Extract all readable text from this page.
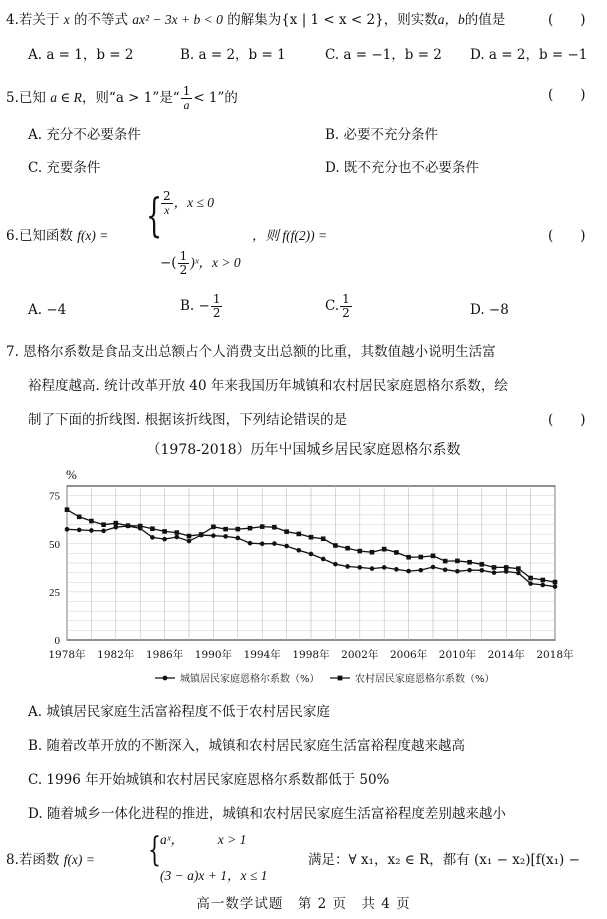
4.若关于 x 的不等式 ax² − 3x + b < 0 的解集为{x | 1 < x < 2}，则实数a，b的值是	(　　)
A. a = 1，b = 2	B. a = 2，b = 1	C. a = −1，b = 2 D. a = 2，b = −1
5.已知 a ∈ R，则“a > 1”是“ $\frac{1}{a} < 1$”的	(　　)
A. 充分不必要条件	B. 必要不充分条件
C. 充要条件	D. 既不充分也不必要条件
6.已知函数 f(x) = {
$\frac{2}{x}$ ，x ≤ 0
−( $\frac{1}{2}$ )ˣ，x > 0
，则 f(f(2)) =	(　　)
A. −4	B. − $\frac{1}{2}$	C. $\frac{1}{2}$	D. −8
7. 恩格尔系数是食品支出总额占个人消费支出总额的比重，其数值越小说明生活富
裕程度越高. 统计改革开放 40 年来我国历年城镇和农村居民家庭恩格尔系数，绘
制了下面的折线图. 根据该折线图，下列结论错误的是	(　　)
（1978-2018）历年屮国城乡居民家庭恩格尔系数
0
25
50
75
%
1978年 1982年 1986年 1990年 1994年 1998年 2002年 2006年 2010年 2014年 2018年
城镇居民家庭恩格尔系数（%）	农村居民家庭恩格尔系数（%）
A. 城镇居民家庭生活富裕程度不低于农村居民家庭
B. 随着改革开放的不断深入，城镇和农村居民家庭生活富裕程度越来越高
C. 1996 年开始城镇和农村居民家庭恩格尔系数都低于 50%
D. 随着城乡一体化进程的推进，城镇和农村居民家庭生活富裕程度差别越来越小
8.若函数 f(x) = { aˣ，　　　x > 1
(3 − a)x + 1，x ≤ 1
满足：∀ x₁，x₂ ∈ R，都有 (x₁ − x₂)[f(x₁) −
高一数学试题　第 2 页　共 4 页
